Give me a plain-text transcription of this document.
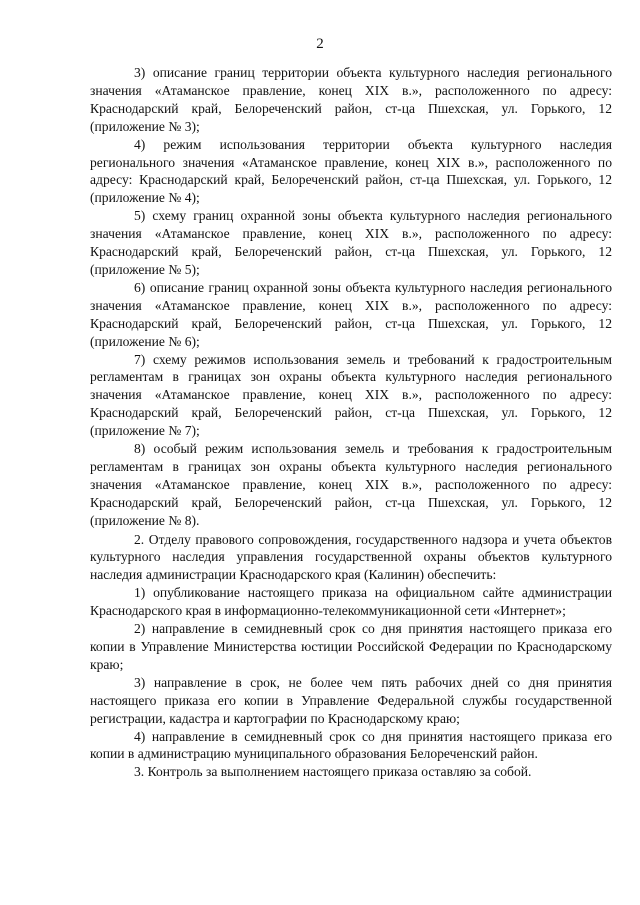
2

3) описание границ территории объекта культурного наследия регионального значения «Атаманское правление, конец XIX в.», расположенного по адресу: Краснодарский край, Белореченский район, ст-ца Пшехская, ул. Горького, 12 (приложение № 3);

4) режим использования территории объекта культурного наследия регионального значения «Атаманское правление, конец XIX в.», расположенного по адресу: Краснодарский край, Белореченский район, ст-ца Пшехская, ул. Горького, 12 (приложение № 4);

5) схему границ охранной зоны объекта культурного наследия регионального значения «Атаманское правление, конец XIX в.», расположенного по адресу: Краснодарский край, Белореченский район, ст-ца Пшехская, ул. Горького, 12 (приложение № 5);

6) описание границ охранной зоны объекта культурного наследия регионального значения «Атаманское правление, конец XIX в.», расположенного по адресу: Краснодарский край, Белореченский район, ст-ца Пшехская, ул. Горького, 12 (приложение № 6);

7) схему режимов использования земель и требований к градостроительным регламентам в границах зон охраны объекта культурного наследия регионального значения «Атаманское правление, конец XIX в.», расположенного по адресу: Краснодарский край, Белореченский район, ст-ца Пшехская, ул. Горького, 12 (приложение № 7);

8) особый режим использования земель и требования к градостроительным регламентам в границах зон охраны объекта культурного наследия регионального значения «Атаманское правление, конец XIX в.», расположенного по адресу: Краснодарский край, Белореченский район, ст-ца Пшехская, ул. Горького, 12 (приложение № 8).

2. Отделу правового сопровождения, государственного надзора и учета объектов культурного наследия управления государственной охраны объектов культурного наследия администрации Краснодарского края (Калинин) обеспечить:

1) опубликование настоящего приказа на официальном сайте администрации Краснодарского края в информационно-телекоммуникационной сети «Интернет»;

2) направление в семидневный срок со дня принятия настоящего приказа его копии в Управление Министерства юстиции Российской Федерации по Краснодарскому краю;

3) направление в срок, не более чем пять рабочих дней со дня принятия настоящего приказа его копии в Управление Федеральной службы государственной регистрации, кадастра и картографии по Краснодарскому краю;

4) направление в семидневный срок со дня принятия настоящего приказа его копии в администрацию муниципального образования Белореченский район.

3. Контроль за выполнением настоящего приказа оставляю за собой.
